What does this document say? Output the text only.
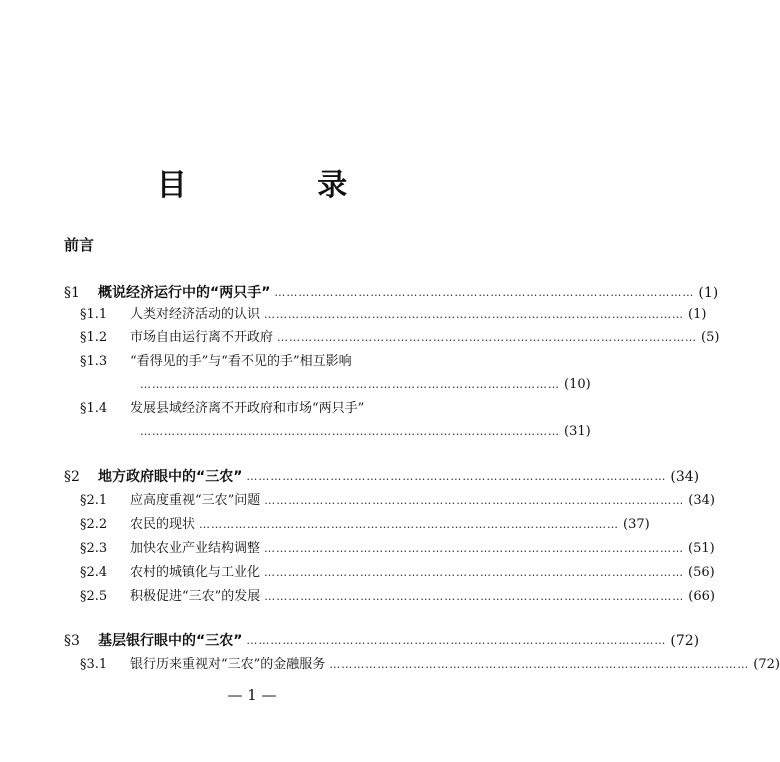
目 录
前言
§1	概说经济运行中的“两只手” …………………………………………………………………………………………… (1)
§1.1	人类对经济活动的认识 …………………………………………………………………………………………… (1)
§1.2	市场自由运行离不开政府 …………………………………………………………………………………………… (5)
§1.3	“看得见的手”与“看不见的手”相互影响
…………………………………………………………………………………………… (10)
§1.4	发展县域经济离不开政府和市场“两只手”
…………………………………………………………………………………………… (31)
§2	地方政府眼中的“三农” …………………………………………………………………………………………… (34)
§2.1	应高度重视“三农”问题 …………………………………………………………………………………………… (34)
§2.2	农民的现状 …………………………………………………………………………………………… (37)
§2.3	加快农业产业结构调整 …………………………………………………………………………………………… (51)
§2.4	农村的城镇化与工业化 …………………………………………………………………………………………… (56)
§2.5	积极促进“三农”的发展 …………………………………………………………………………………………… (66)
§3	基层银行眼中的“三农” …………………………………………………………………………………………… (72)
§3.1	银行历来重视对“三农”的金融服务 …………………………………………………………………………………………… (72)
— 1 —
